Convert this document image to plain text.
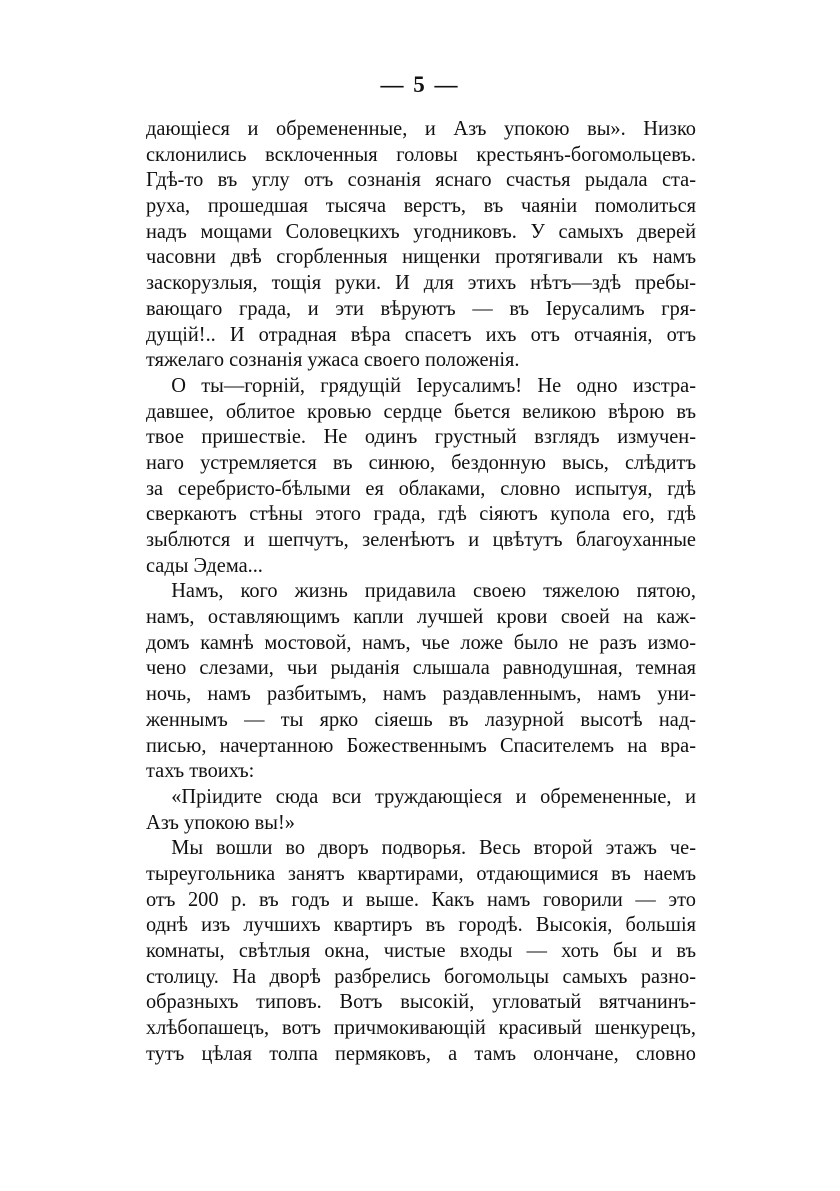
— 5 —
дающіеся и обремененные, и Азъ упокою вы». Низко
склонились всклоченныя головы крестьянъ-богомольцевъ.
Гдѣ-то въ углу отъ сознанія яснаго счастья рыдала ста-
руха, прошедшая тысяча верстъ, въ чаяніи помолиться
надъ мощами Соловецкихъ угодниковъ. У самыхъ дверей
часовни двѣ сгорбленныя нищенки протягивали къ намъ
заскорузлыя, тощія руки. И для этихъ нѣтъ—здѣ пребы-
вающаго града, и эти вѣруютъ — въ Іерусалимъ гря-
дущій!.. И отрадная вѣра спасетъ ихъ отъ отчаянія, отъ
тяжелаго сознанія ужаса своего положенія.
О ты—горній, грядущій Іерусалимъ! Не одно изстра-
давшее, облитое кровью сердце бьется великою вѣрою въ
твое пришествіе. Не одинъ грустный взглядъ измучен-
наго устремляется въ синюю, бездонную высь, слѣдитъ
за серебристо-бѣлыми ея облаками, словно испытуя, гдѣ
сверкаютъ стѣны этого града, гдѣ сіяютъ купола его, гдѣ
зыблются и шепчутъ, зеленѣютъ и цвѣтутъ благоуханные
сады Эдема...
Намъ, кого жизнь придавила своею тяжелою пятою,
намъ, оставляющимъ капли лучшей крови своей на каж-
домъ камнѣ мостовой, намъ, чье ложе было не разъ измо-
чено слезами, чьи рыданія слышала равнодушная, темная
ночь, намъ разбитымъ, намъ раздавленнымъ, намъ уни-
женнымъ — ты ярко сіяешь въ лазурной высотѣ над-
писью, начертанною Божественнымъ Спасителемъ на вра-
тахъ твоихъ:
«Пріидите сюда вси труждающіеся и обремененные, и
Азъ упокою вы!»
Мы вошли во дворъ подворья. Весь второй этажъ че-
тыреугольника занятъ квартирами, отдающимися въ наемъ
отъ 200 р. въ годъ и выше. Какъ намъ говорили — это
однѣ изъ лучшихъ квартиръ въ городѣ. Высокія, большія
комнаты, свѣтлыя окна, чистые входы — хоть бы и въ
столицу. На дворѣ разбрелись богомольцы самыхъ разно-
образныхъ типовъ. Вотъ высокій, угловатый вятчанинъ-
хлѣбопашецъ, вотъ причмокивающій красивый шенкурецъ,
тутъ цѣлая толпа пермяковъ, а тамъ олончане, словно
